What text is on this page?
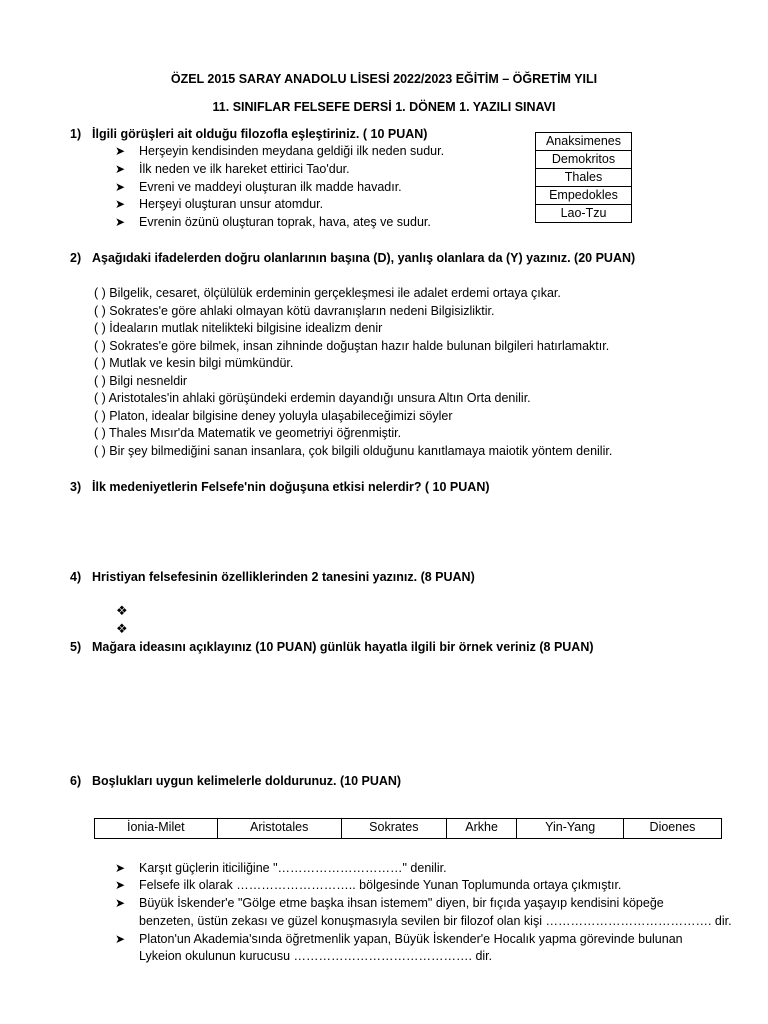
ÖZEL 2015 SARAY ANADOLU LİSESİ 2022/2023 EĞİTİM – ÖĞRETİM YILI
11. SINIFLAR FELSEFE DERSİ 1. DÖNEM 1. YAZILI SINAVI
1) İlgili görüşleri ait olduğu filozofla eşleştiriniz. ( 10 PUAN)
➤ Herşeyin kendisinden meydana geldiği ilk neden sudur.
➤ İlk neden ve ilk hareket ettirici Tao'dur.
➤ Evreni ve maddeyi oluşturan ilk madde havadır.
➤ Herşeyi oluşturan unsur atomdur.
➤ Evrenin özünü oluşturan toprak, hava, ateş ve sudur.
Anaksimenes
Demokritos
Thales
Empedokles
Lao-Tzu
2) Aşağıdaki ifadelerden doğru olanlarının başına (D), yanlış olanlara da (Y) yazınız. (20 PUAN)
( ) Bilgelik, cesaret, ölçülülük erdeminin gerçekleşmesi ile adalet erdemi ortaya çıkar.
( ) Sokrates'e göre ahlaki olmayan kötü davranışların nedeni Bilgisizliktir.
( ) İdeaların mutlak nitelikteki bilgisine idealizm denir
( ) Sokrates'e göre bilmek, insan zihninde doğuştan hazır halde bulunan bilgileri hatırlamaktır.
( ) Mutlak ve kesin bilgi mümkündür.
( ) Bilgi nesneldir
( ) Aristotales'in ahlaki görüşündeki erdemin dayandığı unsura Altın Orta denilir.
( ) Platon, idealar bilgisine deney yoluyla ulaşabileceğimizi söyler
( ) Thales Mısır'da Matematik ve geometriyi öğrenmiştir.
( ) Bir şey bilmediğini sanan insanlara, çok bilgili olduğunu kanıtlamaya maiotik yöntem denilir.
3) İlk medeniyetlerin Felsefe'nin doğuşuna etkisi nelerdir? ( 10 PUAN)
4) Hristiyan felsefesinin özelliklerinden 2 tanesini yazınız. (8 PUAN)
❖
❖
5) Mağara ideasını açıklayınız (10 PUAN) günlük hayatla ilgili bir örnek veriniz (8 PUAN)
6) Boşlukları uygun kelimelerle doldurunuz. (10 PUAN)
İonia-Milet	Aristotales	Sokrates	Arkhe	Yin-Yang	Dioenes
➤ Karşıt güçlerin iticiliğine "…………………………" denilir.
➤ Felsefe ilk olarak ……………………….. bölgesinde Yunan Toplumunda ortaya çıkmıştır.
➤ Büyük İskender'e "Gölge etme başka ihsan istemem" diyen, bir fıçıda yaşayıp kendisini köpeğe
benzeten, üstün zekası ve güzel konuşmasıyla sevilen bir filozof olan kişi …………………………………. dir.
➤ Platon'un Akademia'sında öğretmenlik yapan, Büyük İskender'e Hocalık yapma görevinde bulunan
Lykeion okulunun kurucusu ……………………………………. dir.
